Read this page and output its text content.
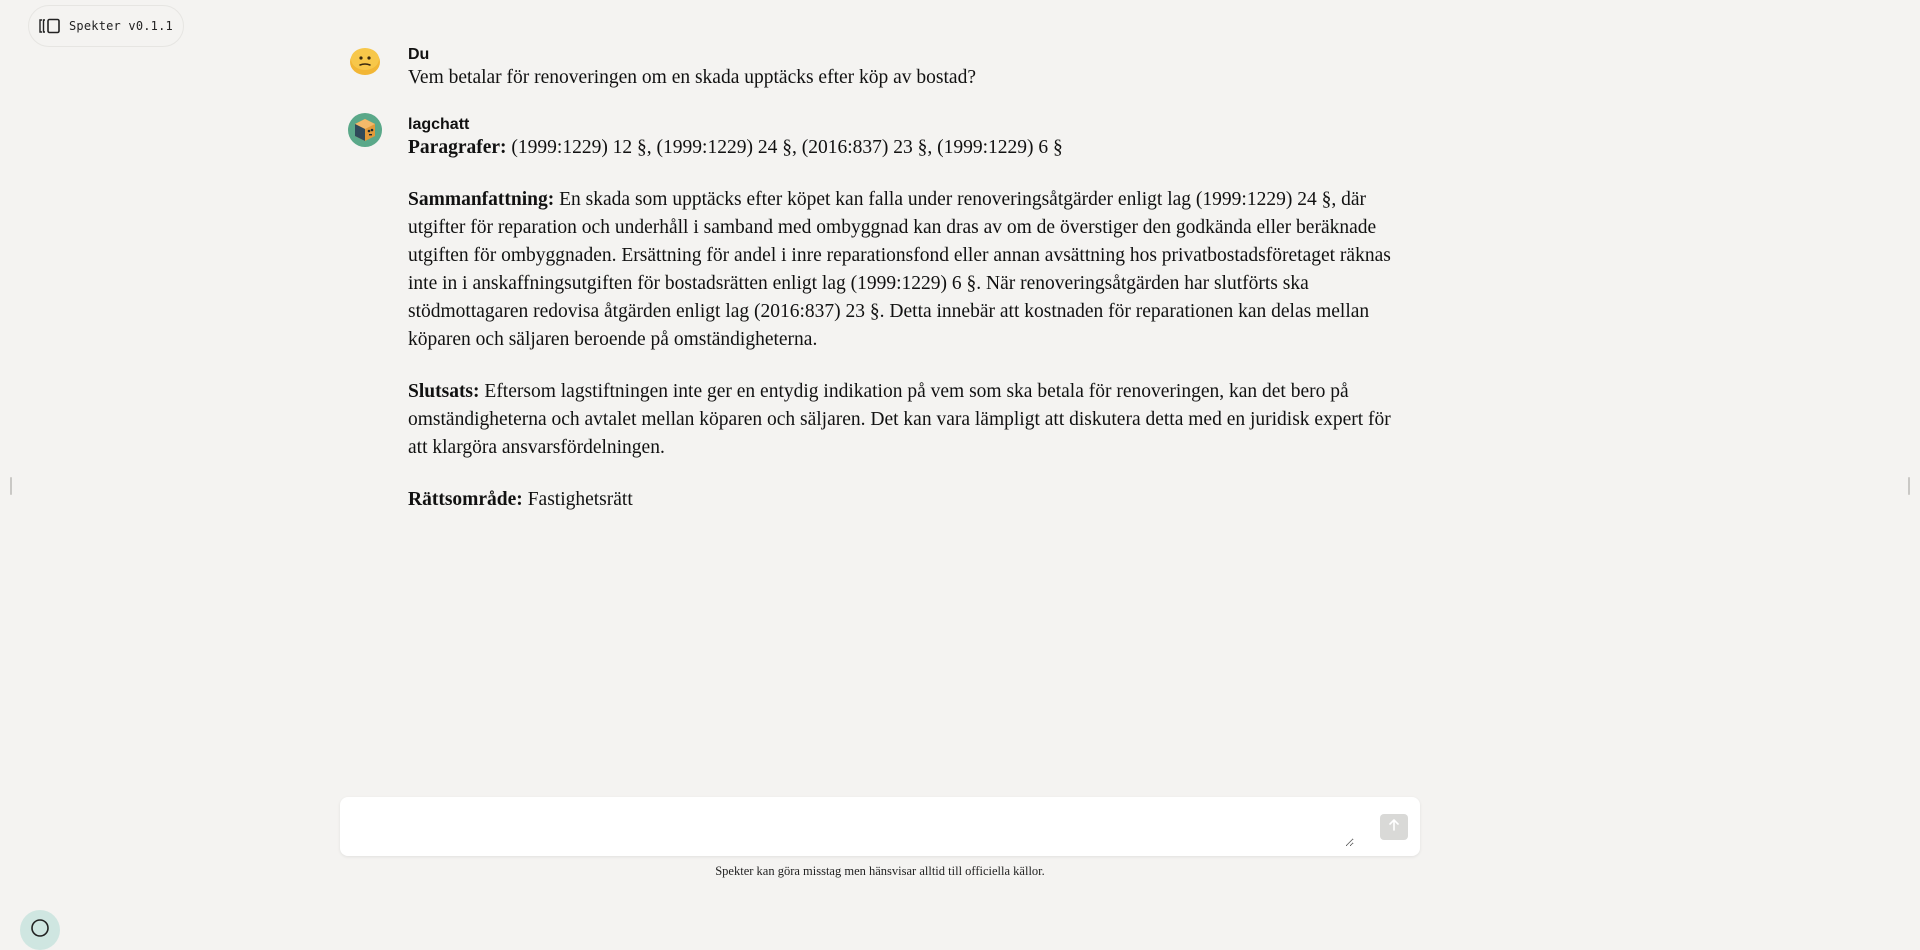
Spekter v0.1.1
Du

Vem betalar för renoveringen om en skada upptäcks efter köp av bostad?

lagchatt

Paragrafer: (1999:1229) 12 §, (1999:1229) 24 §, (2016:837) 23 §, (1999:1229) 6 §

Sammanfattning: En skada som upptäcks efter köpet kan falla under renoveringsåtgärder enligt lag (1999:1229) 24 §, där utgifter för reparation och underhåll i samband med ombyggnad kan dras av om de överstiger den godkända eller beräknade utgiften för ombyggnaden. Ersättning för andel i inre reparationsfond eller annan avsättning hos privatbostadsföretaget räknas inte in i anskaffningsutgiften för bostadsrätten enligt lag (1999:1229) 6 §. När renoveringsåtgärden har slutförts ska stödmottagaren redovisa åtgärden enligt lag (2016:837) 23 §. Detta innebär att kostnaden för reparationen kan delas mellan köparen och säljaren beroende på omständigheterna.

Slutsats: Eftersom lagstiftningen inte ger en entydig indikation på vem som ska betala för renoveringen, kan det bero på omständigheterna och avtalet mellan köparen och säljaren. Det kan vara lämpligt att diskutera detta med en juridisk expert för att klargöra ansvarsfördelningen.

Rättsområde: Fastighetsrätt

Spekter kan göra misstag men hänsvisar alltid till officiella källor.
